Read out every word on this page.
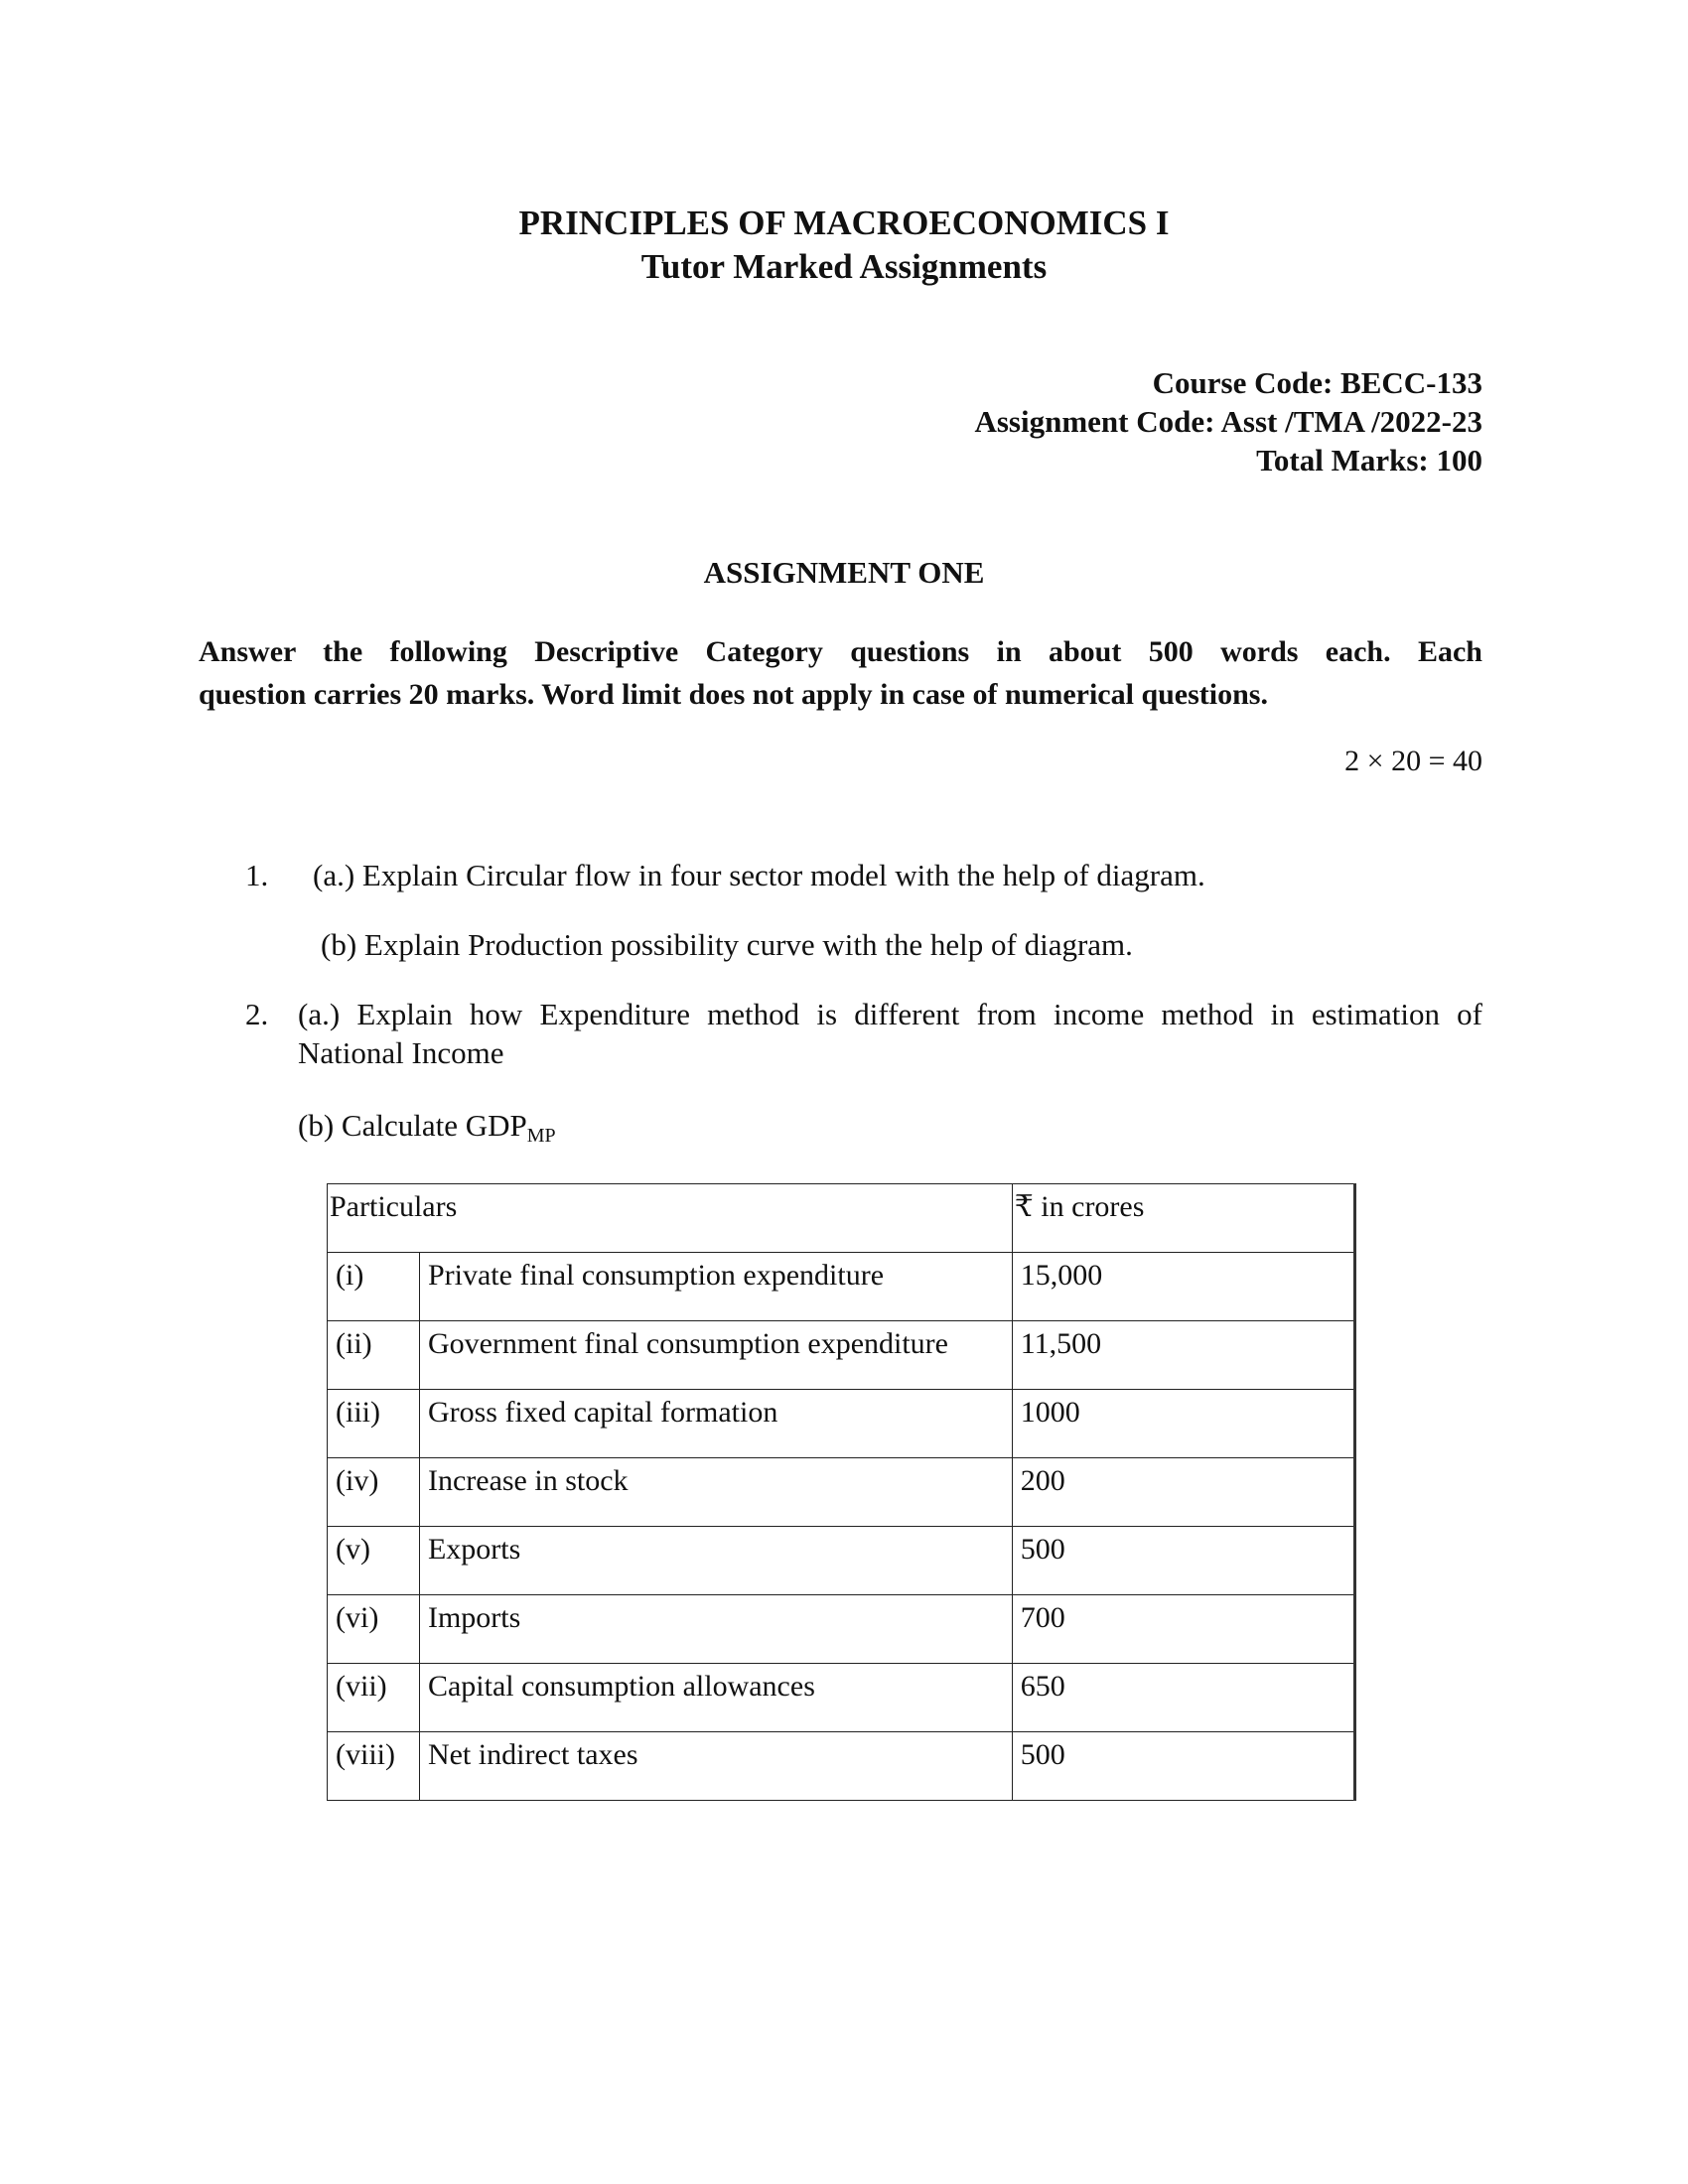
PRINCIPLES OF MACROECONOMICS I
Tutor Marked Assignments
Course Code: BECC-133
Assignment Code: Asst /TMA /2022-23
Total Marks: 100
ASSIGNMENT ONE
Answer the following Descriptive Category questions in about 500 words each. Each
question carries 20 marks. Word limit does not apply in case of numerical questions.
2 × 20 = 40
1. (a.) Explain Circular flow in four sector model with the help of diagram.
(b) Explain Production possibility curve with the help of diagram.
2. (a.) Explain how Expenditure method is different from income method in estimation of
National Income
(b) Calculate $GDP_{MP}$
Particulars		₹ in crores
(i)	Private final consumption expenditure	15,000
(ii)	Government final consumption expenditure	11,500
(iii)	Gross fixed capital formation	1000
(iv)	Increase in stock	200
(v)	Exports	500
(vi)	Imports	700
(vii)	Capital consumption allowances	650
(viii)	Net indirect taxes	500
